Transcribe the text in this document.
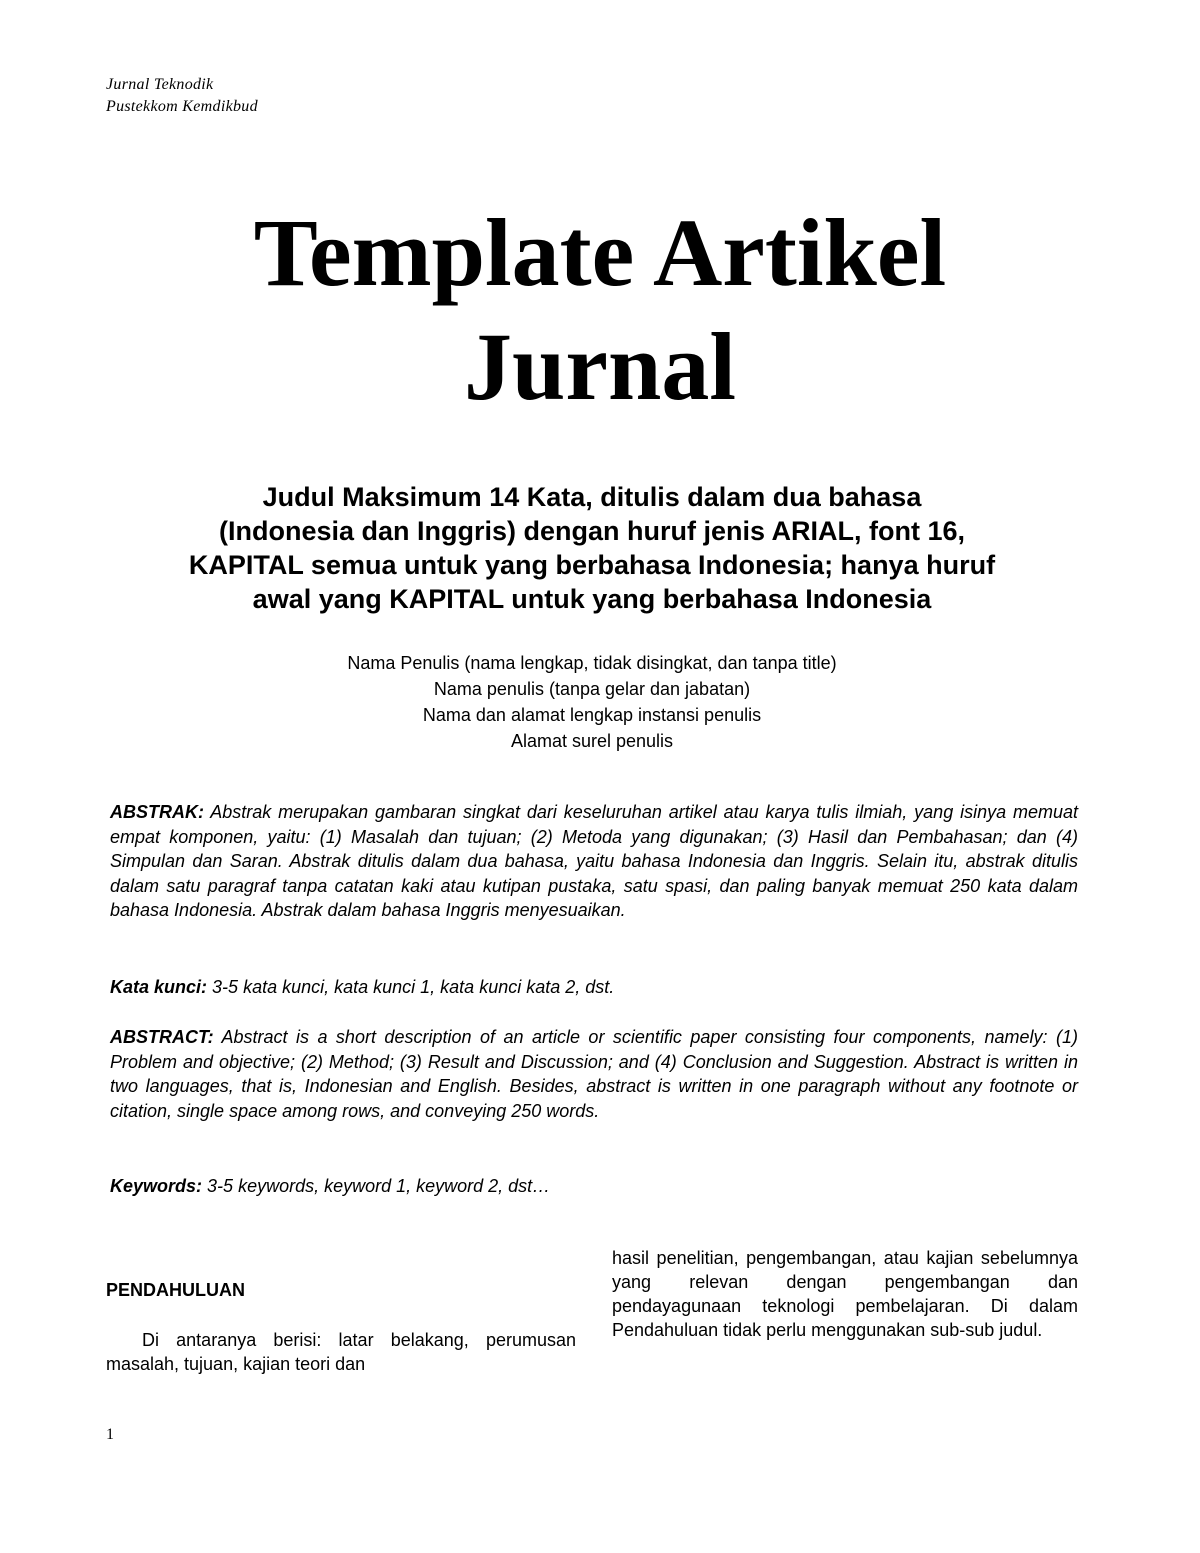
Jurnal Teknodik
Pustekkom Kemdikbud
Template Artikel
Jurnal
Judul Maksimum 14 Kata, ditulis dalam dua bahasa
(Indonesia dan Inggris) dengan huruf jenis ARIAL, font 16,
KAPITAL semua untuk yang berbahasa Indonesia; hanya huruf
awal yang KAPITAL untuk yang berbahasa Indonesia
Nama Penulis (nama lengkap, tidak disingkat, dan tanpa title)
Nama penulis (tanpa gelar dan jabatan)
Nama dan alamat lengkap instansi penulis
Alamat surel penulis
ABSTRAK: Abstrak merupakan gambaran singkat dari keseluruhan artikel atau karya tulis ilmiah, yang isinya memuat empat komponen, yaitu: (1) Masalah dan tujuan; (2) Metoda yang digunakan; (3) Hasil dan Pembahasan; dan (4) Simpulan dan Saran. Abstrak ditulis dalam dua bahasa, yaitu bahasa Indonesia dan Inggris. Selain itu, abstrak ditulis dalam satu paragraf tanpa catatan kaki atau kutipan pustaka, satu spasi, dan paling banyak memuat 250 kata dalam bahasa Indonesia. Abstrak dalam bahasa Inggris menyesuaikan.
Kata kunci: 3-5 kata kunci, kata kunci 1, kata kunci kata 2, dst.
ABSTRACT: Abstract is a short description of an article or scientific paper consisting four components, namely: (1) Problem and objective; (2) Method; (3) Result and Discussion; and (4) Conclusion and Suggestion. Abstract is written in two languages, that is, Indonesian and English. Besides, abstract is written in one paragraph without any footnote or citation, single space among rows, and conveying 250 words.
Keywords: 3-5 keywords, keyword 1, keyword 2, dst…
PENDAHULUAN

Di antaranya berisi: latar belakang, perumusan masalah, tujuan, kajian teori dan

hasil penelitian, pengembangan, atau kajian sebelumnya yang relevan dengan pengembangan dan pendayagunaan teknologi pembelajaran. Di dalam Pendahuluan tidak perlu menggunakan sub-sub judul.

1
